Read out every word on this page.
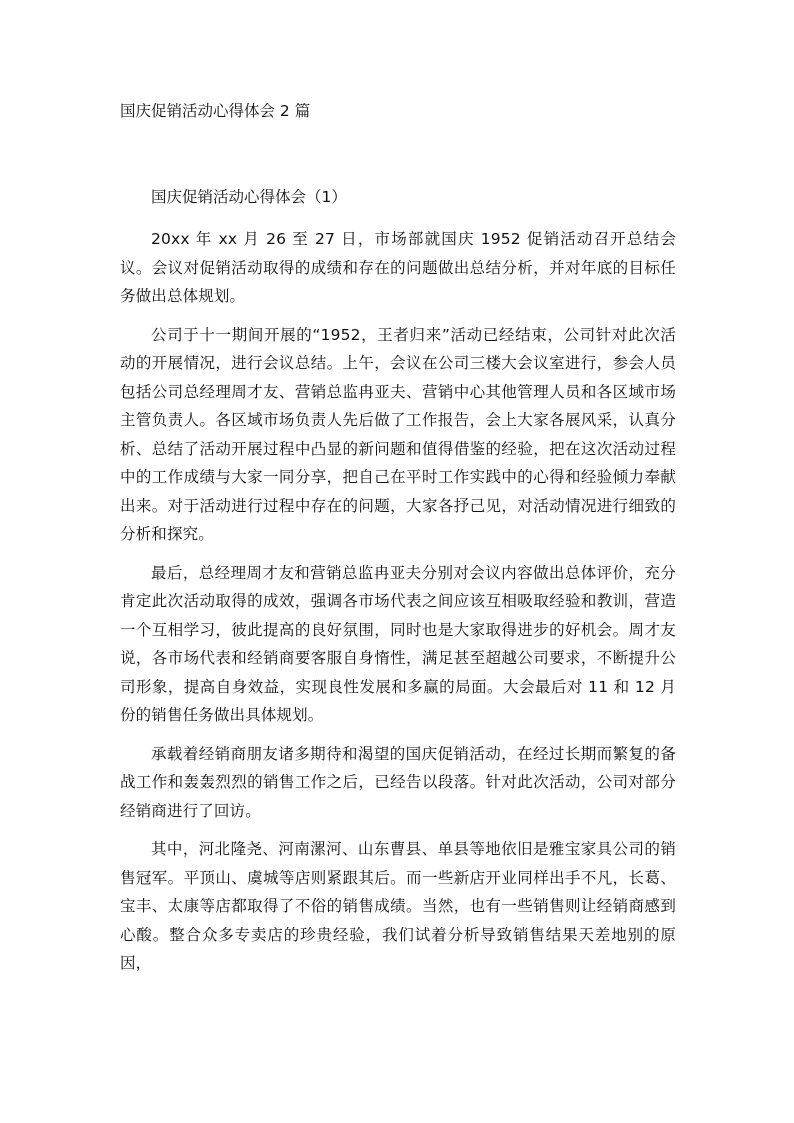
国庆促销活动心得体会 2 篇
国庆促销活动心得体会（1）

20xx 年 xx 月 26 至 27 日，市场部就国庆 1952 促销活动召开总结会议。会议对促销活动取得的成绩和存在的问题做出总结分析，并对年底的目标任务做出总体规划。

公司于十一期间开展的“1952，王者归来”活动已经结束，公司针对此次活动的开展情况，进行会议总结。上午，会议在公司三楼大会议室进行，参会人员包括公司总经理周才友、营销总监冉亚夫、营销中心其他管理人员和各区域市场主管负责人。各区域市场负责人先后做了工作报告，会上大家各展风采，认真分析、总结了活动开展过程中凸显的新问题和值得借鉴的经验，把在这次活动过程中的工作成绩与大家一同分享，把自己在平时工作实践中的心得和经验倾力奉献出来。对于活动进行过程中存在的问题，大家各抒己见，对活动情况进行细致的分析和探究。

最后，总经理周才友和营销总监冉亚夫分别对会议内容做出总体评价，充分肯定此次活动取得的成效，强调各市场代表之间应该互相吸取经验和教训，营造一个互相学习，彼此提高的良好氛围，同时也是大家取得进步的好机会。周才友说，各市场代表和经销商要客服自身惰性，满足甚至超越公司要求，不断提升公司形象，提高自身效益，实现良性发展和多赢的局面。大会最后对 11 和 12 月份的销售任务做出具体规划。

承载着经销商朋友诸多期待和渴望的国庆促销活动，在经过长期而繁复的备战工作和轰轰烈烈的销售工作之后，已经告以段落。针对此次活动，公司对部分经销商进行了回访。

其中，河北隆尧、河南漯河、山东曹县、单县等地依旧是雅宝家具公司的销售冠军。平顶山、虞城等店则紧跟其后。而一些新店开业同样出手不凡，长葛、宝丰、太康等店都取得了不俗的销售成绩。当然，也有一些销售则让经销商感到心酸。整合众多专卖店的珍贵经验，我们试着分析导致销售结果天差地别的原因，
